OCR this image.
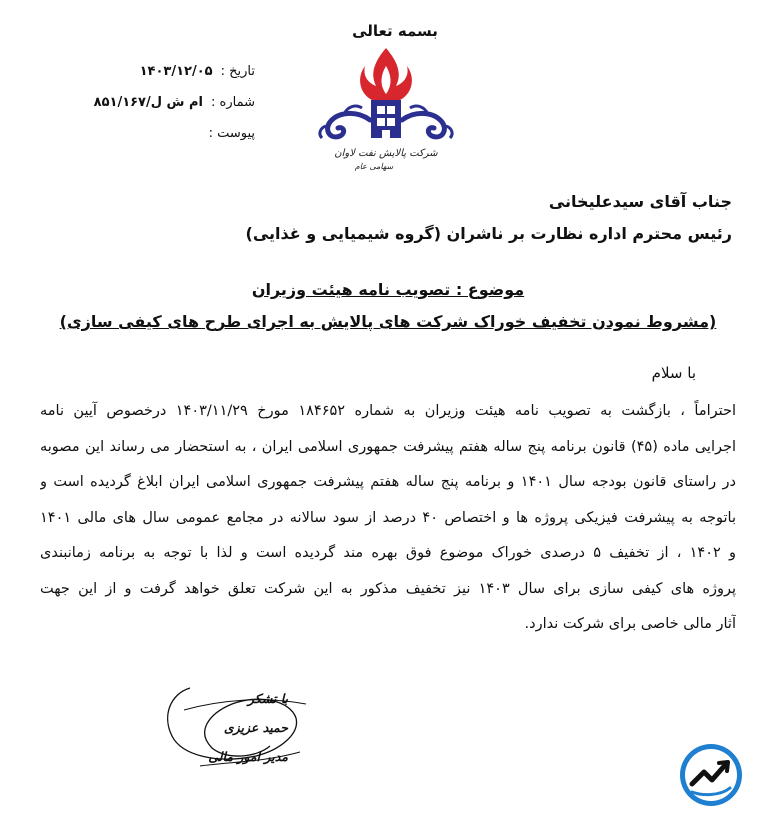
بسمه تعالی
تاریخ :
۱۴۰۳/۱۲/۰۵
شماره :
ام ش ل/۸۵۱/۱۶۷
پیوست :
شرکت پالایش نفت لاوان
سهامی عام
جناب آقای سیدعلیخانی
رئیس محترم اداره نظارت بر ناشران (گروه شیمیایی و غذایی)
موضوع : تصویب نامه هیئت وزیران
(مشروط نمودن تخفیف خوراک شرکت های پالایش به اجرای طرح های کیفی سازی)
با سلام
احتراماً ، بازگشت به تصویب نامه هیئت وزیران به شماره ۱۸۴۶۵۲ مورخ ۱۴۰۳/۱۱/۲۹ درخصوص آیین نامه
اجرایی ماده (۴۵) قانون برنامه پنج ساله هفتم پیشرفت جمهوری اسلامی ایران ، به استحضار می رساند این مصوبه
در راستای قانون بودجه سال ۱۴۰۱ و برنامه پنج ساله هفتم پیشرفت جمهوری اسلامی ایران ابلاغ گردیده است و
باتوجه به پیشرفت فیزیکی پروژه ها و اختصاص ۴۰ درصد از سود سالانه در مجامع عمومی سال های مالی ۱۴۰۱
و ۱۴۰۲ ، از تخفیف ۵ درصدی خوراک موضوع فوق بهره مند گردیده است و لذا با توجه به برنامه زمانبندی
پروژه های کیفی سازی برای سال ۱۴۰۳ نیز تخفیف مذکور به این شرکت تعلق خواهد گرفت و از این جهت
آثار مالی خاصی برای شرکت ندارد.
با تشکر
حمید عزیزی
مدیر امور مالی
